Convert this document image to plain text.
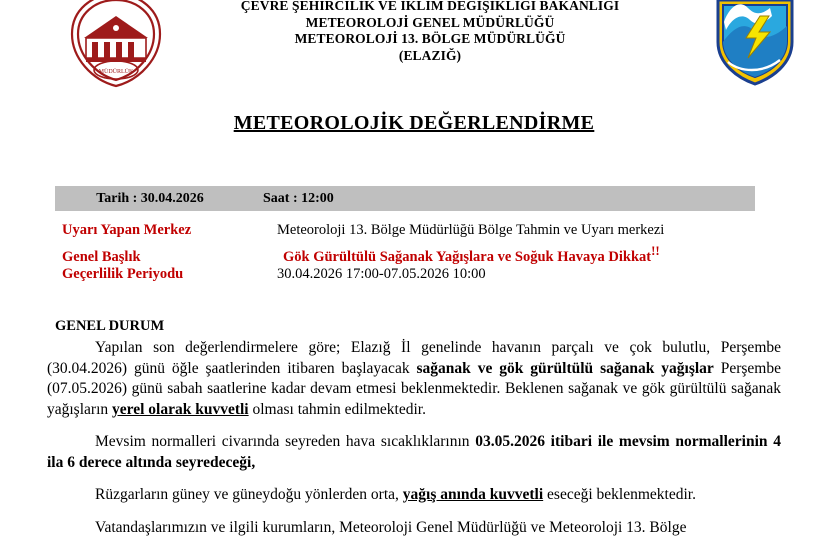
MÜDÜRLÜK
ÇEVRE ŞEHİRCİLİK VE İKLİM DEĞİŞİKLİGI BAKANLIĞI
METEOROLOJİ GENEL MÜDÜRLÜĞÜ
METEOROLOJİ 13. BÖLGE MÜDÜRLÜĞÜ
(ELAZIĞ)
METEOROLOJİK DEĞERLENDİRME
Tarih : 30.04.2026	Saat : 12:00
Uyarı Yapan Merkez	Meteoroloji 13. Bölge Müdürlüğü Bölge Tahmin ve Uyarı merkezi
Genel Başlık	Gök Gürültülü Sağanak Yağışlara ve Soğuk Havaya Dikkat!!
Geçerlilik Periyodu	30.04.2026 17:00-07.05.2026 10:00
GENEL DURUM

Yapılan son değerlendirmelere göre; Elazığ İl genelinde havanın parçalı ve çok bulutlu, Perşembe (30.04.2026) günü öğle şaatlerinden itibaren başlayacak sağanak ve gök gürültülü sağanak yağışlar Perşembe (07.05.2026) günü sabah saatlerine kadar devam etmesi beklenmektedir. Beklenen sağanak ve gök gürültülü sağanak yağışların yerel olarak kuvvetli olması tahmin edilmektedir.

Mevsim normalleri civarında seyreden hava sıcaklıklarının 03.05.2026 itibari ile mevsim normallerinin 4 ila 6 derece altında seyredeceği,

Rüzgarların güney ve güneydoğu yönlerden orta, yağış anında kuvvetli eseceği beklenmektedir.

Vatandaşlarımızın ve ilgili kurumların, Meteoroloji Genel Müdürlüğü ve Meteoroloji 13. Bölge
